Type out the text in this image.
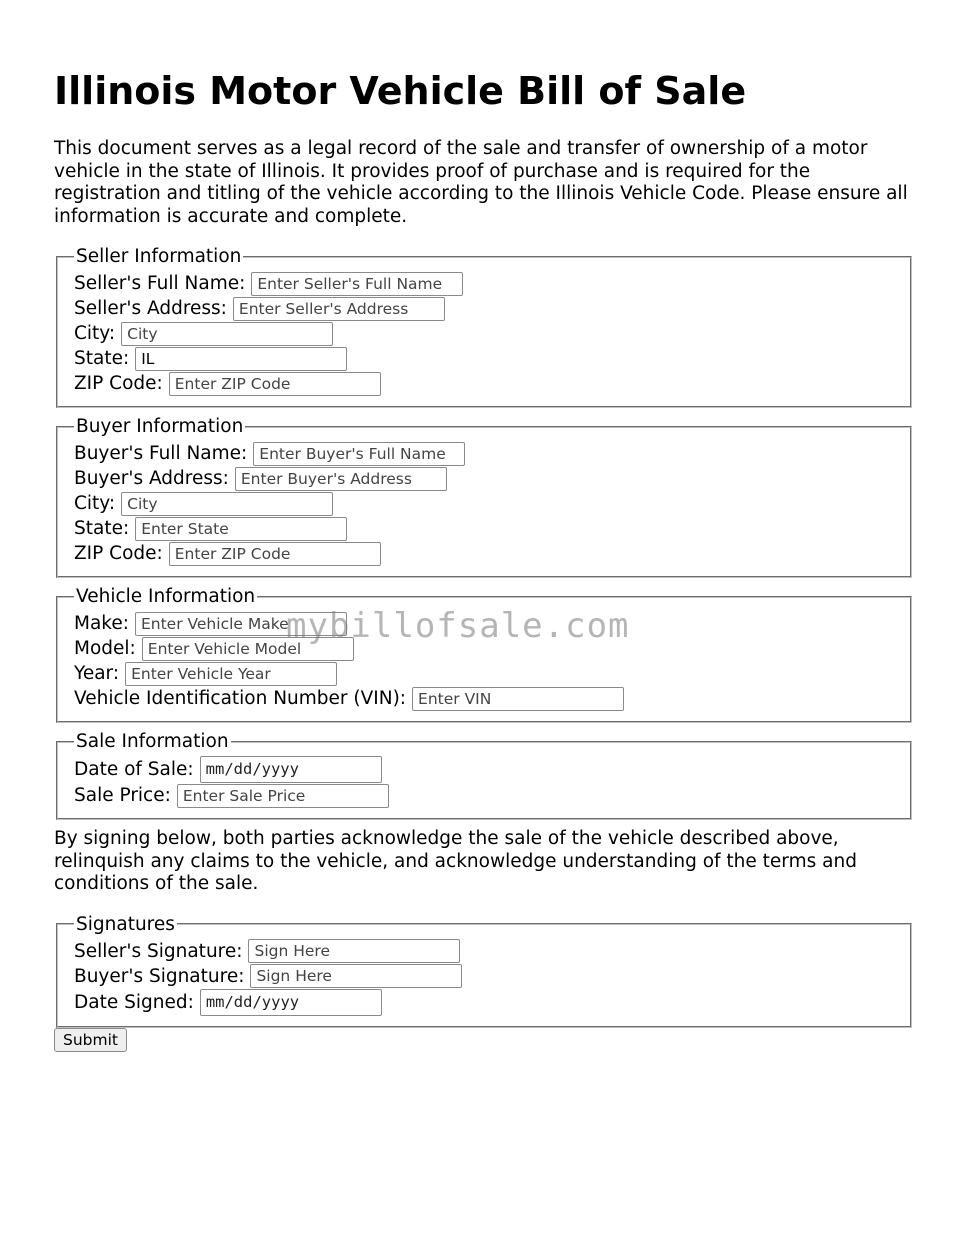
Illinois Motor Vehicle Bill of Sale

This document serves as a legal record of the sale and transfer of ownership of a motor vehicle in the state of Illinois. It provides proof of purchase and is required for the registration and titling of the vehicle according to the Illinois Vehicle Code. Please ensure all information is accurate and complete.

Seller Information
Seller's Full Name: Enter Seller's Full Name
Seller's Address: Enter Seller's Address
City: City
State: IL
ZIP Code: Enter ZIP Code
Buyer Information
Buyer's Full Name: Enter Buyer's Full Name
Buyer's Address: Enter Buyer's Address
City: City
State: Enter State
ZIP Code: Enter ZIP Code
Vehicle Information
Make: Enter Vehicle Make
Model: Enter Vehicle Model
Year: Enter Vehicle Year
Vehicle Identification Number (VIN): Enter VIN
Sale Information
Date of Sale: mm/dd/yyyy
Sale Price: Enter Sale Price

By signing below, both parties acknowledge the sale of the vehicle described above, relinquish any claims to the vehicle, and acknowledge understanding of the terms and conditions of the sale.

Signatures
Seller's Signature: Sign Here
Buyer's Signature: Sign Here
Date Signed: mm/dd/yyyy
Submit
mybillofsale.com
